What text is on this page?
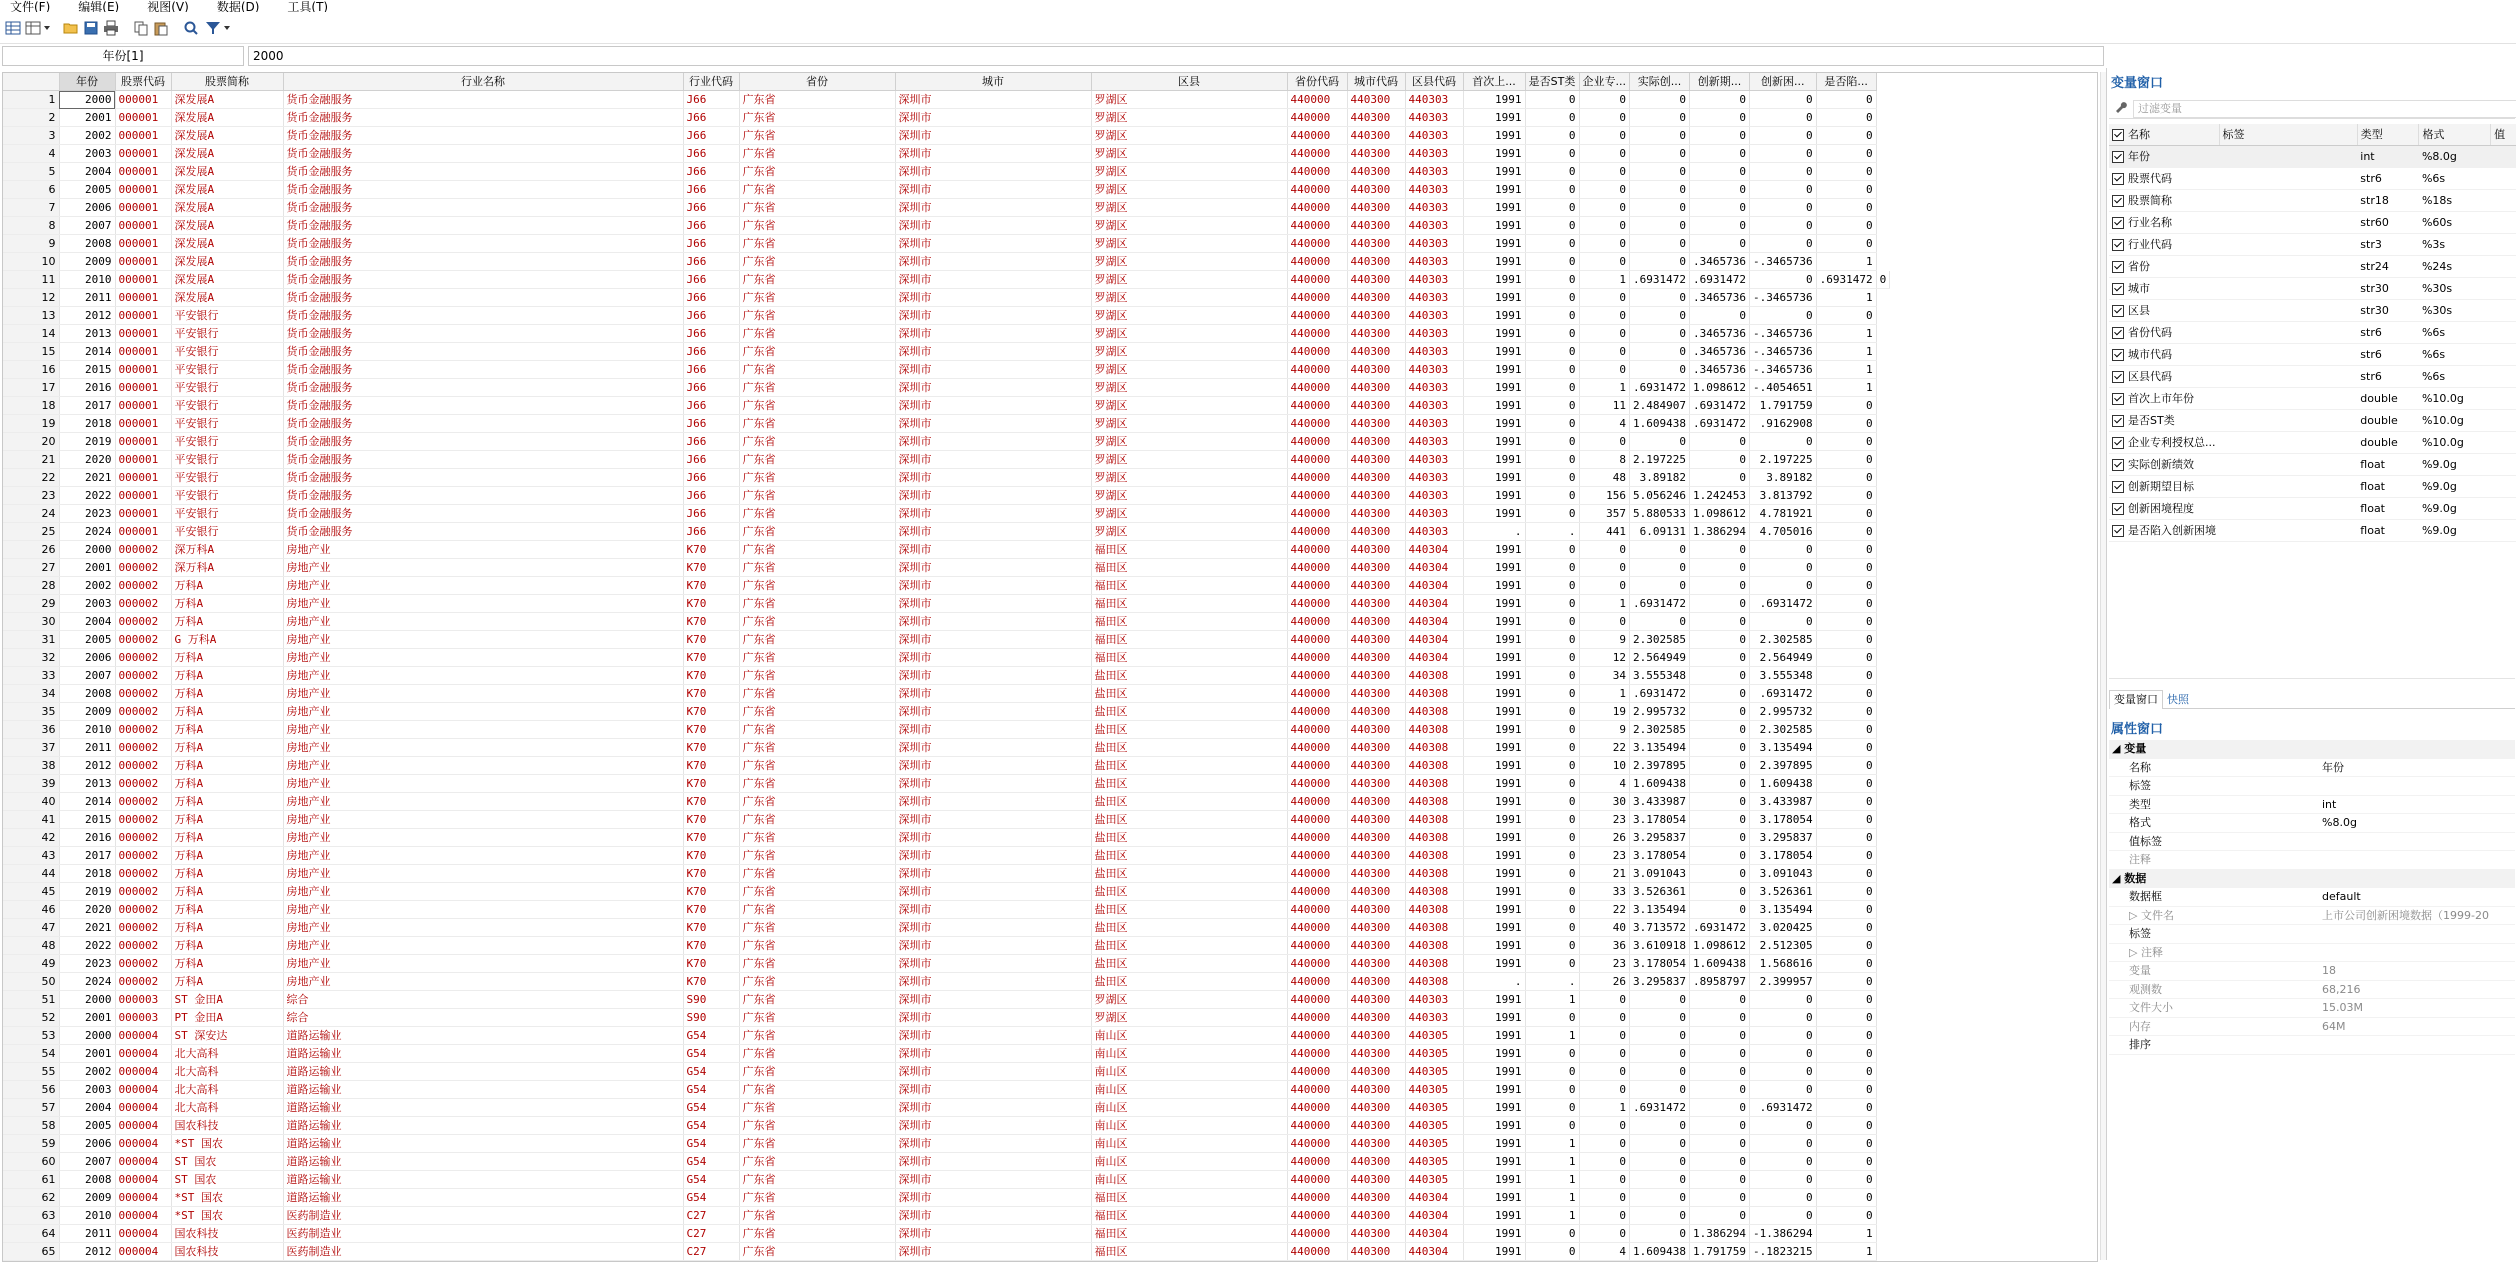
文件(F) 编辑(E) 视图(V) 数据(D) 工具(T)
年份[1]	2000
	年份	股票代码	股票简称	行业名称	行业代码	省份	城市	区县	省份代码	城市代码	区县代码	首次上...	是否ST类	企业专...	实际创...	创新期...	创新困...	是否陷...	
1	2000	000001	深发展A	货币金融服务	J66	广东省	深圳市	罗湖区	440000	440300	440303	1991	0	0	0	0	0	0	
2	2001	000001	深发展A	货币金融服务	J66	广东省	深圳市	罗湖区	440000	440300	440303	1991	0	0	0	0	0	0	
3	2002	000001	深发展A	货币金融服务	J66	广东省	深圳市	罗湖区	440000	440300	440303	1991	0	0	0	0	0	0	
4	2003	000001	深发展A	货币金融服务	J66	广东省	深圳市	罗湖区	440000	440300	440303	1991	0	0	0	0	0	0	
5	2004	000001	深发展A	货币金融服务	J66	广东省	深圳市	罗湖区	440000	440300	440303	1991	0	0	0	0	0	0	
6	2005	000001	深发展A	货币金融服务	J66	广东省	深圳市	罗湖区	440000	440300	440303	1991	0	0	0	0	0	0	
7	2006	000001	深发展A	货币金融服务	J66	广东省	深圳市	罗湖区	440000	440300	440303	1991	0	0	0	0	0	0	
8	2007	000001	深发展A	货币金融服务	J66	广东省	深圳市	罗湖区	440000	440300	440303	1991	0	0	0	0	0	0	
9	2008	000001	深发展A	货币金融服务	J66	广东省	深圳市	罗湖区	440000	440300	440303	1991	0	0	0	0	0	0	
10	2009	000001	深发展A	货币金融服务	J66	广东省	深圳市	罗湖区	440000	440300	440303	1991	0	0	0	.3465736	-.3465736	1	
11	2010	000001	深发展A	货币金融服务	J66	广东省	深圳市	罗湖区	440000	440300	440303	1991	0	1	.6931472	.6931472	0	.6931472	0
12	2011	000001	深发展A	货币金融服务	J66	广东省	深圳市	罗湖区	440000	440300	440303	1991	0	0	0	.3465736	-.3465736	1	
13	2012	000001	平安银行	货币金融服务	J66	广东省	深圳市	罗湖区	440000	440300	440303	1991	0	0	0	0	0	0	
14	2013	000001	平安银行	货币金融服务	J66	广东省	深圳市	罗湖区	440000	440300	440303	1991	0	0	0	.3465736	-.3465736	1	
15	2014	000001	平安银行	货币金融服务	J66	广东省	深圳市	罗湖区	440000	440300	440303	1991	0	0	0	.3465736	-.3465736	1	
16	2015	000001	平安银行	货币金融服务	J66	广东省	深圳市	罗湖区	440000	440300	440303	1991	0	0	0	.3465736	-.3465736	1	
17	2016	000001	平安银行	货币金融服务	J66	广东省	深圳市	罗湖区	440000	440300	440303	1991	0	1	.6931472	1.098612	-.4054651	1	
18	2017	000001	平安银行	货币金融服务	J66	广东省	深圳市	罗湖区	440000	440300	440303	1991	0	11	2.484907	.6931472	1.791759	0	
19	2018	000001	平安银行	货币金融服务	J66	广东省	深圳市	罗湖区	440000	440300	440303	1991	0	4	1.609438	.6931472	.9162908	0	
20	2019	000001	平安银行	货币金融服务	J66	广东省	深圳市	罗湖区	440000	440300	440303	1991	0	0	0	0	0	0	
21	2020	000001	平安银行	货币金融服务	J66	广东省	深圳市	罗湖区	440000	440300	440303	1991	0	8	2.197225	0	2.197225	0	
22	2021	000001	平安银行	货币金融服务	J66	广东省	深圳市	罗湖区	440000	440300	440303	1991	0	48	3.89182	0	3.89182	0	
23	2022	000001	平安银行	货币金融服务	J66	广东省	深圳市	罗湖区	440000	440300	440303	1991	0	156	5.056246	1.242453	3.813792	0	
24	2023	000001	平安银行	货币金融服务	J66	广东省	深圳市	罗湖区	440000	440300	440303	1991	0	357	5.880533	1.098612	4.781921	0	
25	2024	000001	平安银行	货币金融服务	J66	广东省	深圳市	罗湖区	440000	440300	440303	.	.	441	6.09131	1.386294	4.705016	0	
26	2000	000002	深万科A	房地产业	K70	广东省	深圳市	福田区	440000	440300	440304	1991	0	0	0	0	0	0	
27	2001	000002	深万科A	房地产业	K70	广东省	深圳市	福田区	440000	440300	440304	1991	0	0	0	0	0	0	
28	2002	000002	万科A	房地产业	K70	广东省	深圳市	福田区	440000	440300	440304	1991	0	0	0	0	0	0	
29	2003	000002	万科A	房地产业	K70	广东省	深圳市	福田区	440000	440300	440304	1991	0	1	.6931472	0	.6931472	0	
30	2004	000002	万科A	房地产业	K70	广东省	深圳市	福田区	440000	440300	440304	1991	0	0	0	0	0	0	
31	2005	000002	G 万科A	房地产业	K70	广东省	深圳市	福田区	440000	440300	440304	1991	0	9	2.302585	0	2.302585	0	
32	2006	000002	万科A	房地产业	K70	广东省	深圳市	福田区	440000	440300	440304	1991	0	12	2.564949	0	2.564949	0	
33	2007	000002	万科A	房地产业	K70	广东省	深圳市	盐田区	440000	440300	440308	1991	0	34	3.555348	0	3.555348	0	
34	2008	000002	万科A	房地产业	K70	广东省	深圳市	盐田区	440000	440300	440308	1991	0	1	.6931472	0	.6931472	0	
35	2009	000002	万科A	房地产业	K70	广东省	深圳市	盐田区	440000	440300	440308	1991	0	19	2.995732	0	2.995732	0	
36	2010	000002	万科A	房地产业	K70	广东省	深圳市	盐田区	440000	440300	440308	1991	0	9	2.302585	0	2.302585	0	
37	2011	000002	万科A	房地产业	K70	广东省	深圳市	盐田区	440000	440300	440308	1991	0	22	3.135494	0	3.135494	0	
38	2012	000002	万科A	房地产业	K70	广东省	深圳市	盐田区	440000	440300	440308	1991	0	10	2.397895	0	2.397895	0	
39	2013	000002	万科A	房地产业	K70	广东省	深圳市	盐田区	440000	440300	440308	1991	0	4	1.609438	0	1.609438	0	
40	2014	000002	万科A	房地产业	K70	广东省	深圳市	盐田区	440000	440300	440308	1991	0	30	3.433987	0	3.433987	0	
41	2015	000002	万科A	房地产业	K70	广东省	深圳市	盐田区	440000	440300	440308	1991	0	23	3.178054	0	3.178054	0	
42	2016	000002	万科A	房地产业	K70	广东省	深圳市	盐田区	440000	440300	440308	1991	0	26	3.295837	0	3.295837	0	
43	2017	000002	万科A	房地产业	K70	广东省	深圳市	盐田区	440000	440300	440308	1991	0	23	3.178054	0	3.178054	0	
44	2018	000002	万科A	房地产业	K70	广东省	深圳市	盐田区	440000	440300	440308	1991	0	21	3.091043	0	3.091043	0	
45	2019	000002	万科A	房地产业	K70	广东省	深圳市	盐田区	440000	440300	440308	1991	0	33	3.526361	0	3.526361	0	
46	2020	000002	万科A	房地产业	K70	广东省	深圳市	盐田区	440000	440300	440308	1991	0	22	3.135494	0	3.135494	0	
47	2021	000002	万科A	房地产业	K70	广东省	深圳市	盐田区	440000	440300	440308	1991	0	40	3.713572	.6931472	3.020425	0	
48	2022	000002	万科A	房地产业	K70	广东省	深圳市	盐田区	440000	440300	440308	1991	0	36	3.610918	1.098612	2.512305	0	
49	2023	000002	万科A	房地产业	K70	广东省	深圳市	盐田区	440000	440300	440308	1991	0	23	3.178054	1.609438	1.568616	0	
50	2024	000002	万科A	房地产业	K70	广东省	深圳市	盐田区	440000	440300	440308	.	.	26	3.295837	.8958797	2.399957	0	
51	2000	000003	ST 金田A	综合	S90	广东省	深圳市	罗湖区	440000	440300	440303	1991	1	0	0	0	0	0	
52	2001	000003	PT 金田A	综合	S90	广东省	深圳市	罗湖区	440000	440300	440303	1991	0	0	0	0	0	0	
53	2000	000004	ST 深安达	道路运输业	G54	广东省	深圳市	南山区	440000	440300	440305	1991	1	0	0	0	0	0	
54	2001	000004	北大高科	道路运输业	G54	广东省	深圳市	南山区	440000	440300	440305	1991	0	0	0	0	0	0	
55	2002	000004	北大高科	道路运输业	G54	广东省	深圳市	南山区	440000	440300	440305	1991	0	0	0	0	0	0	
56	2003	000004	北大高科	道路运输业	G54	广东省	深圳市	南山区	440000	440300	440305	1991	0	0	0	0	0	0	
57	2004	000004	北大高科	道路运输业	G54	广东省	深圳市	南山区	440000	440300	440305	1991	0	1	.6931472	0	.6931472	0	
58	2005	000004	国农科技	道路运输业	G54	广东省	深圳市	南山区	440000	440300	440305	1991	0	0	0	0	0	0	
59	2006	000004	*ST 国农	道路运输业	G54	广东省	深圳市	南山区	440000	440300	440305	1991	1	0	0	0	0	0	
60	2007	000004	ST 国农	道路运输业	G54	广东省	深圳市	南山区	440000	440300	440305	1991	1	0	0	0	0	0	
61	2008	000004	ST 国农	道路运输业	G54	广东省	深圳市	南山区	440000	440300	440305	1991	1	0	0	0	0	0	
62	2009	000004	*ST 国农	道路运输业	G54	广东省	深圳市	福田区	440000	440300	440304	1991	1	0	0	0	0	0	
63	2010	000004	*ST 国农	医药制造业	C27	广东省	深圳市	福田区	440000	440300	440304	1991	1	0	0	0	0	0	
64	2011	000004	国农科技	医药制造业	C27	广东省	深圳市	福田区	440000	440300	440304	1991	0	0	0	1.386294	-1.386294	1	
65	2012	000004	国农科技	医药制造业	C27	广东省	深圳市	福田区	440000	440300	440304	1991	0	4	1.609438	1.791759	-.1823215	1	
变量窗口
过滤变量
名称	标签	类型	格式	值
年份		int	%8.0g	
股票代码		str6	%6s	
股票简称		str18	%18s	
行业名称		str60	%60s	
行业代码		str3	%3s	
省份		str24	%24s	
城市		str30	%30s	
区县		str30	%30s	
省份代码		str6	%6s	
城市代码		str6	%6s	
区县代码		str6	%6s	
首次上市年份		double	%10.0g	
是否ST类		double	%10.0g	
企业专利授权总...		double	%10.0g	
实际创新绩效		float	%9.0g	
创新期望目标		float	%9.0g	
创新困境程度		float	%9.0g	
是否陷入创新困境		float	%9.0g	
变量窗口 快照
属性窗口
◢ 变量	
名称	年份
标签	
类型	int
格式	%8.0g
值标签	
注释	
◢ 数据	
数据框	default
▷ 文件名	上市公司创新困境数据（1999-20
标签	
▷ 注释	
变量	18
观测数	68,216
文件大小	15.03M
内存	64M
排序	
